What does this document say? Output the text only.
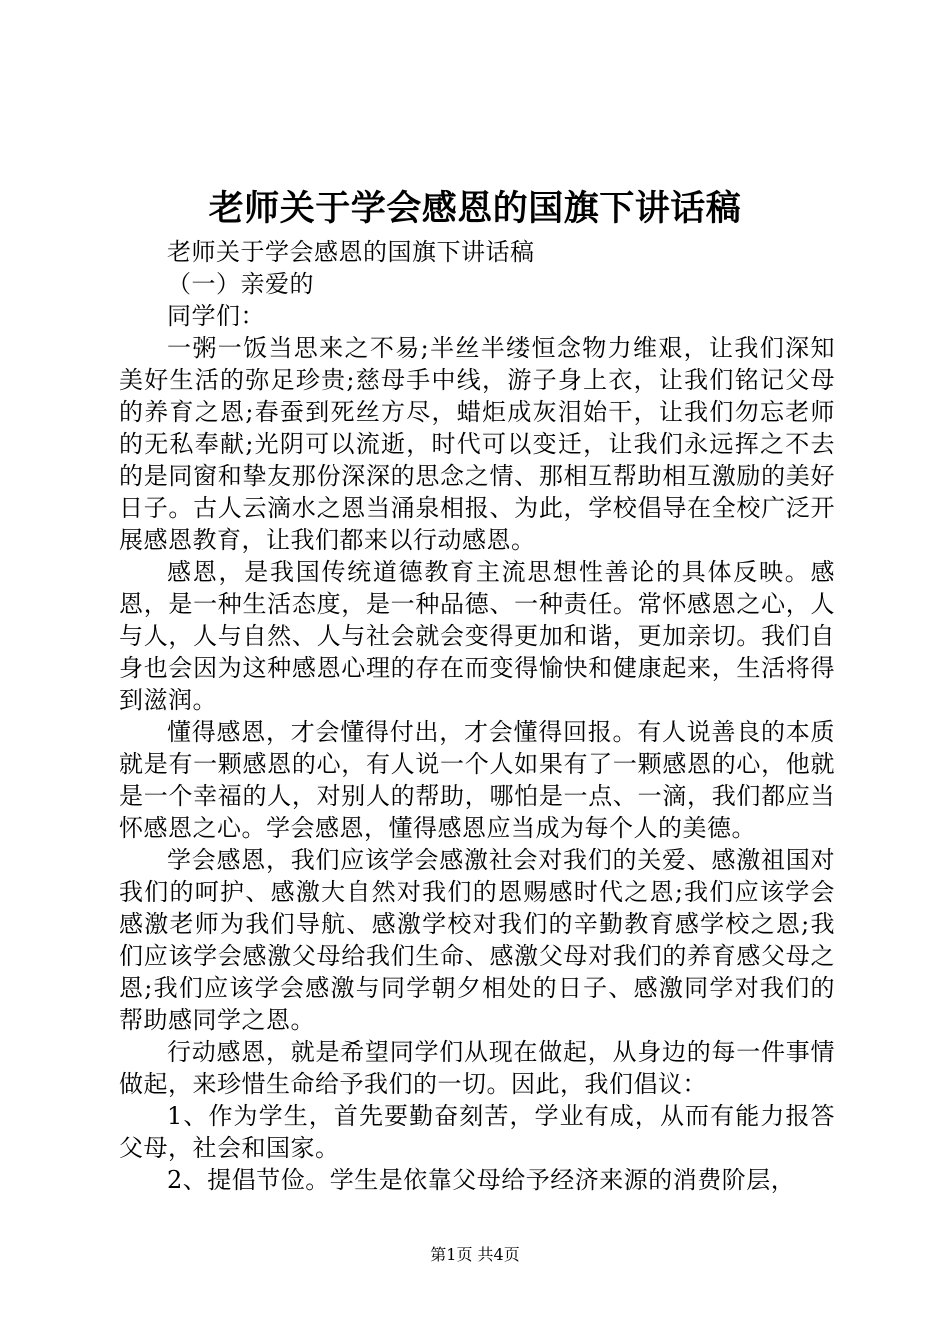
老师关于学会感恩的国旗下讲话稿

老师关于学会感恩的国旗下讲话稿

（一）亲爱的

同学们：

一粥一饭当思来之不易;半丝半缕恒念物力维艰，让我们深知美好生活的弥足珍贵;慈母手中线，游子身上衣，让我们铭记父母的养育之恩;春蚕到死丝方尽，蜡炬成灰泪始干，让我们勿忘老师的无私奉献;光阴可以流逝，时代可以变迁，让我们永远挥之不去的是同窗和挚友那份深深的思念之情、那相互帮助相互激励的美好日子。古人云滴水之恩当涌泉相报、为此，学校倡导在全校广泛开展感恩教育，让我们都来以行动感恩。

感恩，是我国传统道德教育主流思想性善论的具体反映。感恩，是一种生活态度，是一种品德、一种责任。常怀感恩之心，人与人，人与自然、人与社会就会变得更加和谐，更加亲切。我们自身也会因为这种感恩心理的存在而变得愉快和健康起来，生活将得到滋润。

懂得感恩，才会懂得付出，才会懂得回报。有人说善良的本质就是有一颗感恩的心，有人说一个人如果有了一颗感恩的心，他就是一个幸福的人，对别人的帮助，哪怕是一点、一滴，我们都应当怀感恩之心。学会感恩，懂得感恩应当成为每个人的美德。

学会感恩，我们应该学会感激社会对我们的关爱、感激祖国对我们的呵护、感激大自然对我们的恩赐感时代之恩;我们应该学会感激老师为我们导航、感激学校对我们的辛勤教育感学校之恩;我们应该学会感激父母给我们生命、感激父母对我们的养育感父母之恩;我们应该学会感激与同学朝夕相处的日子、感激同学对我们的帮助感同学之恩。

行动感恩，就是希望同学们从现在做起，从身边的每一件事情做起，来珍惜生命给予我们的一切。因此，我们倡议：

1、作为学生，首先要勤奋刻苦，学业有成，从而有能力报答父母，社会和国家。

2、提倡节俭。学生是依靠父母给予经济来源的消费阶层，

第1页 共4页
